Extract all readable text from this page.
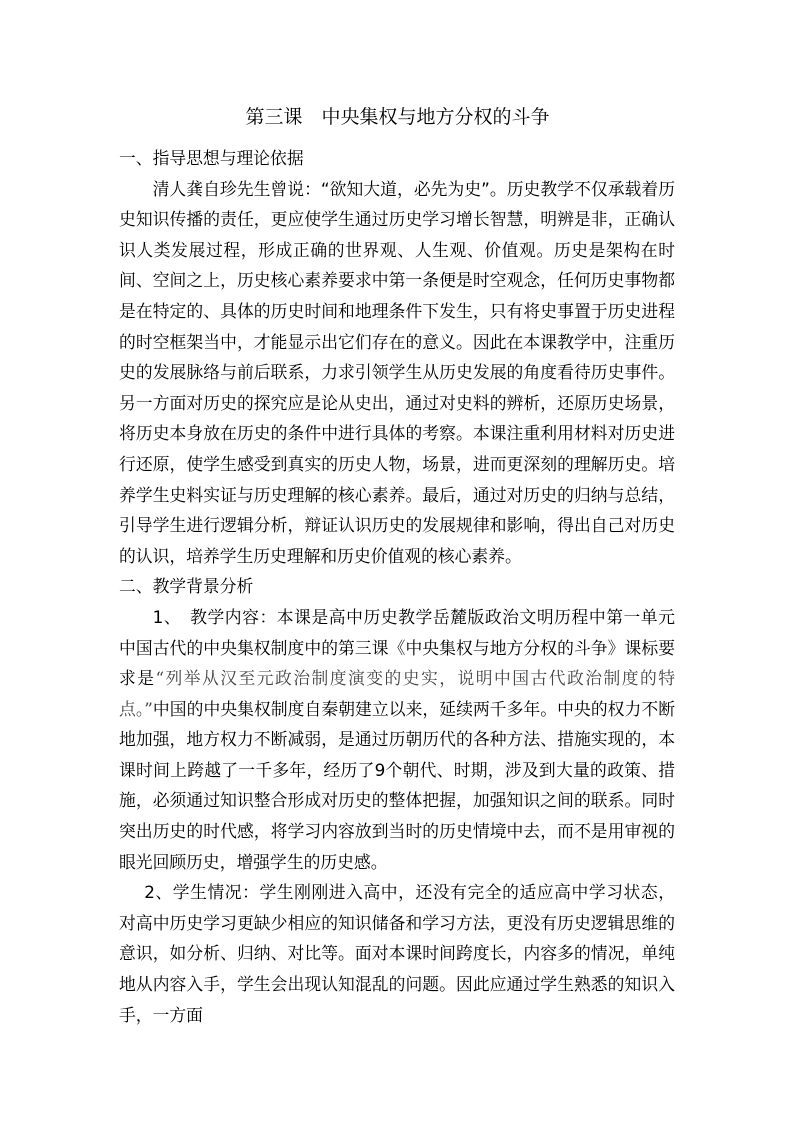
第三课　中央集权与地方分权的斗争

一、指导思想与理论依据

清人龚自珍先生曾说：“欲知大道，必先为史”。历史教学不仅承载着历史知识传播的责任，更应使学生通过历史学习增长智慧，明辨是非，正确认识人类发展过程，形成正确的世界观、人生观、价值观。历史是架构在时间、空间之上，历史核心素养要求中第一条便是时空观念，任何历史事物都是在特定的、具体的历史时间和地理条件下发生，只有将史事置于历史进程的时空框架当中，才能显示出它们存在的意义。因此在本课教学中，注重历史的发展脉络与前后联系，力求引领学生从历史发展的角度看待历史事件。另一方面对历史的探究应是论从史出，通过对史料的辨析，还原历史场景，将历史本身放在历史的条件中进行具体的考察。本课注重利用材料对历史进行还原，使学生感受到真实的历史人物，场景，进而更深刻的理解历史。培养学生史料实证与历史理解的核心素养。最后，通过对历史的归纳与总结，引导学生进行逻辑分析，辩证认识历史的发展规律和影响，得出自己对历史的认识，培养学生历史理解和历史价值观的核心素养。

二、教学背景分析

1、　教学内容：本课是高中历史教学岳麓版政治文明历程中第一单元中国古代的中央集权制度中的第三课《中央集权与地方分权的斗争》课标要求是“列举从汉至元政治制度演变的史实，说明中国古代政治制度的特点。”中国的中央集权制度自秦朝建立以来，延续两千多年。中央的权力不断地加强，地方权力不断减弱，是通过历朝历代的各种方法、措施实现的，本课时间上跨越了一千多年，经历了9个朝代、时期，涉及到大量的政策、措施，必须通过知识整合形成对历史的整体把握，加强知识之间的联系。同时突出历史的时代感，将学习内容放到当时的历史情境中去，而不是用审视的眼光回顾历史，增强学生的历史感。

2、学生情况：学生刚刚进入高中，还没有完全的适应高中学习状态，对高中历史学习更缺少相应的知识储备和学习方法，更没有历史逻辑思维的意识，如分析、归纳、对比等。面对本课时间跨度长，内容多的情况，单纯地从内容入手，学生会出现认知混乱的问题。因此应通过学生熟悉的知识入手，一方面
